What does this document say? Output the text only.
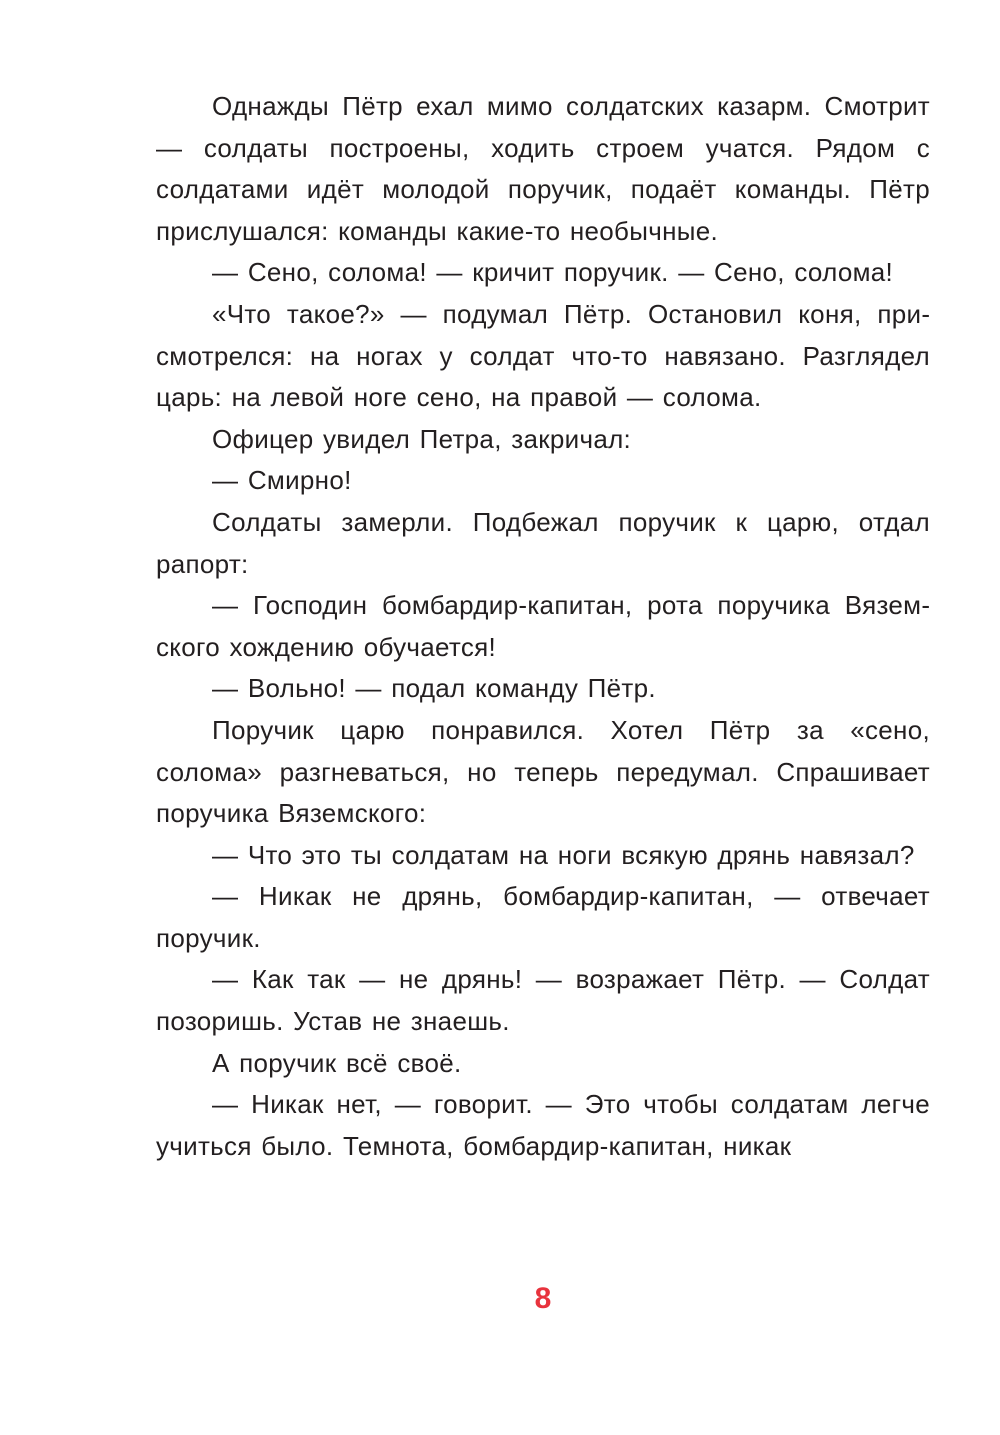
Однажды Пётр ехал мимо солдатских казарм. Смотрит — солдаты построены, ходить строем учатся. Рядом с солдатами идёт молодой поручик, подаёт команды. Пётр прислушался: команды какие-то необычные.

— Сено, солома! — кричит поручик. — Сено, солома!

«Что такое?» — подумал Пётр. Остановил коня, присмотрелся: на ногах у солдат что-то навязано. Разглядел царь: на левой ноге сено, на правой — солома.

Офицер увидел Петра, закричал:

— Смирно!

Солдаты замерли. Подбежал поручик к царю, отдал рапорт:

— Господин бомбардир-капитан, рота поручика Вяземского хождению обучается!

— Вольно! — подал команду Пётр.

Поручик царю понравился. Хотел Пётр за «сено, солома» разгневаться, но теперь передумал. Спрашивает поручика Вяземского:

— Что это ты солдатам на ноги всякую дрянь навязал?

— Никак не дрянь, бомбардир-капитан, — отвечает поручик.

— Как так — не дрянь! — возражает Пётр. — Солдат позоришь. Устав не знаешь.

А поручик всё своё.

— Никак нет, — говорит. — Это чтобы солдатам легче учиться было. Темнота, бомбардир-капитан, никак

8
